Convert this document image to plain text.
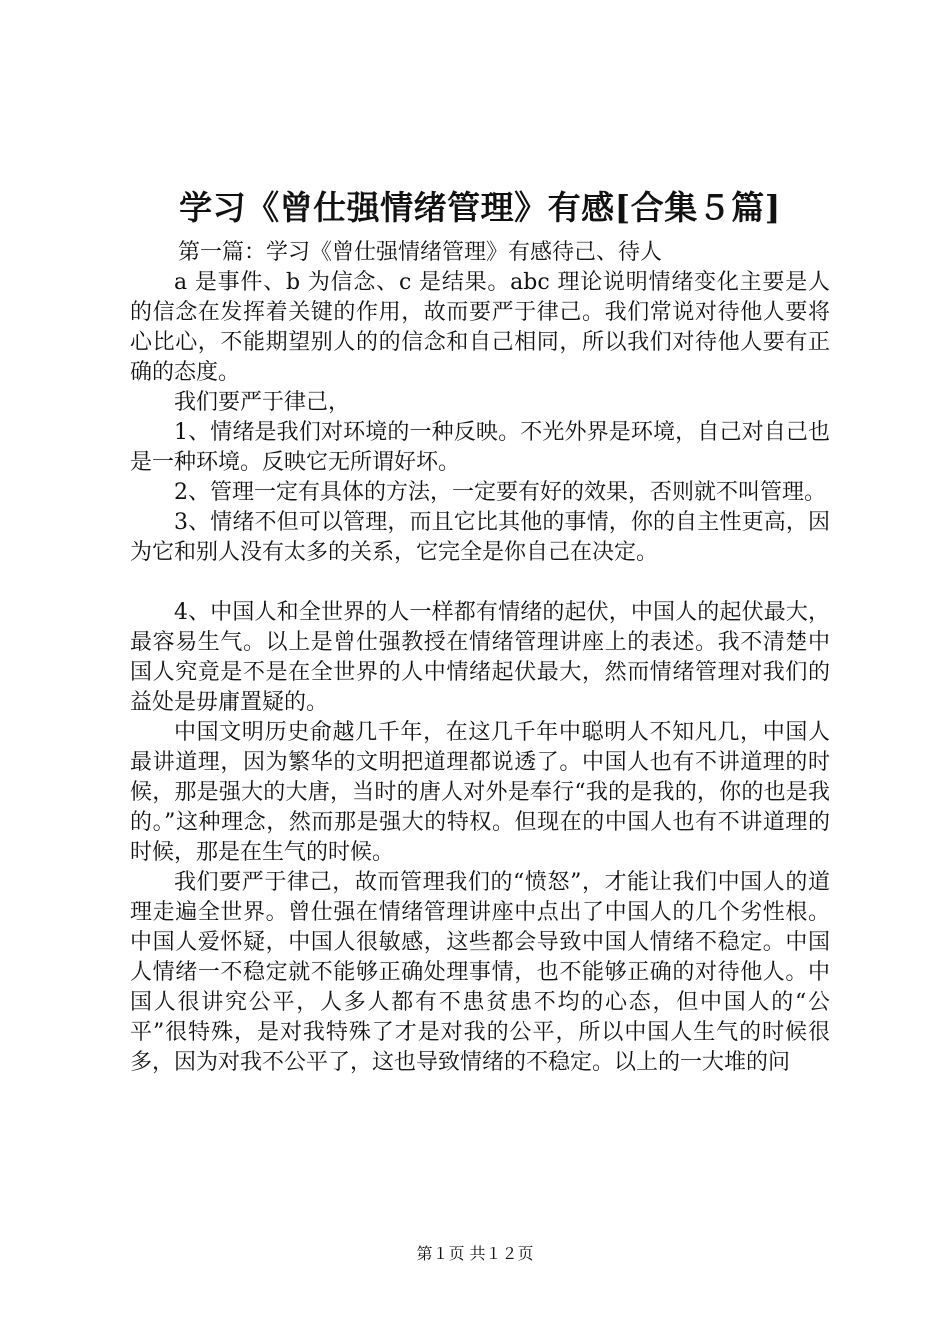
学习《曾仕强情绪管理》有感[合集５篇]

第一篇：学习《曾仕强情绪管理》有感待己、待人

a 是事件、b 为信念、c 是结果。abc 理论说明情绪变化主要是人的信念在发挥着关键的作用，故而要严于律己。我们常说对待他人要将心比心，不能期望别人的的信念和自己相同，所以我们对待他人要有正确的态度。

我们要严于律己，

1、情绪是我们对环境的一种反映。不光外界是环境，自己对自己也是一种环境。反映它无所谓好坏。

2、管理一定有具体的方法，一定要有好的效果，否则就不叫管理。

3、情绪不但可以管理，而且它比其他的事情，你的自主性更高，因为它和别人没有太多的关系，它完全是你自己在决定。

4、中国人和全世界的人一样都有情绪的起伏，中国人的起伏最大，最容易生气。以上是曾仕强教授在情绪管理讲座上的表述。我不清楚中国人究竟是不是在全世界的人中情绪起伏最大，然而情绪管理对我们的益处是毋庸置疑的。

中国文明历史俞越几千年，在这几千年中聪明人不知凡几，中国人最讲道理，因为繁华的文明把道理都说透了。中国人也有不讲道理的时候，那是强大的大唐，当时的唐人对外是奉行“我的是我的，你的也是我的。”这种理念，然而那是强大的特权。但现在的中国人也有不讲道理的时候，那是在生气的时候。

我们要严于律己，故而管理我们的“愤怒”，才能让我们中国人的道理走遍全世界。曾仕强在情绪管理讲座中点出了中国人的几个劣性根。中国人爱怀疑，中国人很敏感，这些都会导致中国人情绪不稳定。中国人情绪一不稳定就不能够正确处理事情，也不能够正确的对待他人。中国人很讲究公平，人多人都有不患贫患不均的心态，但中国人的“公平”很特殊，是对我特殊了才是对我的公平，所以中国人生气的时候很多，因为对我不公平了，这也导致情绪的不稳定。以上的一大堆的问

第１页 共１２页
